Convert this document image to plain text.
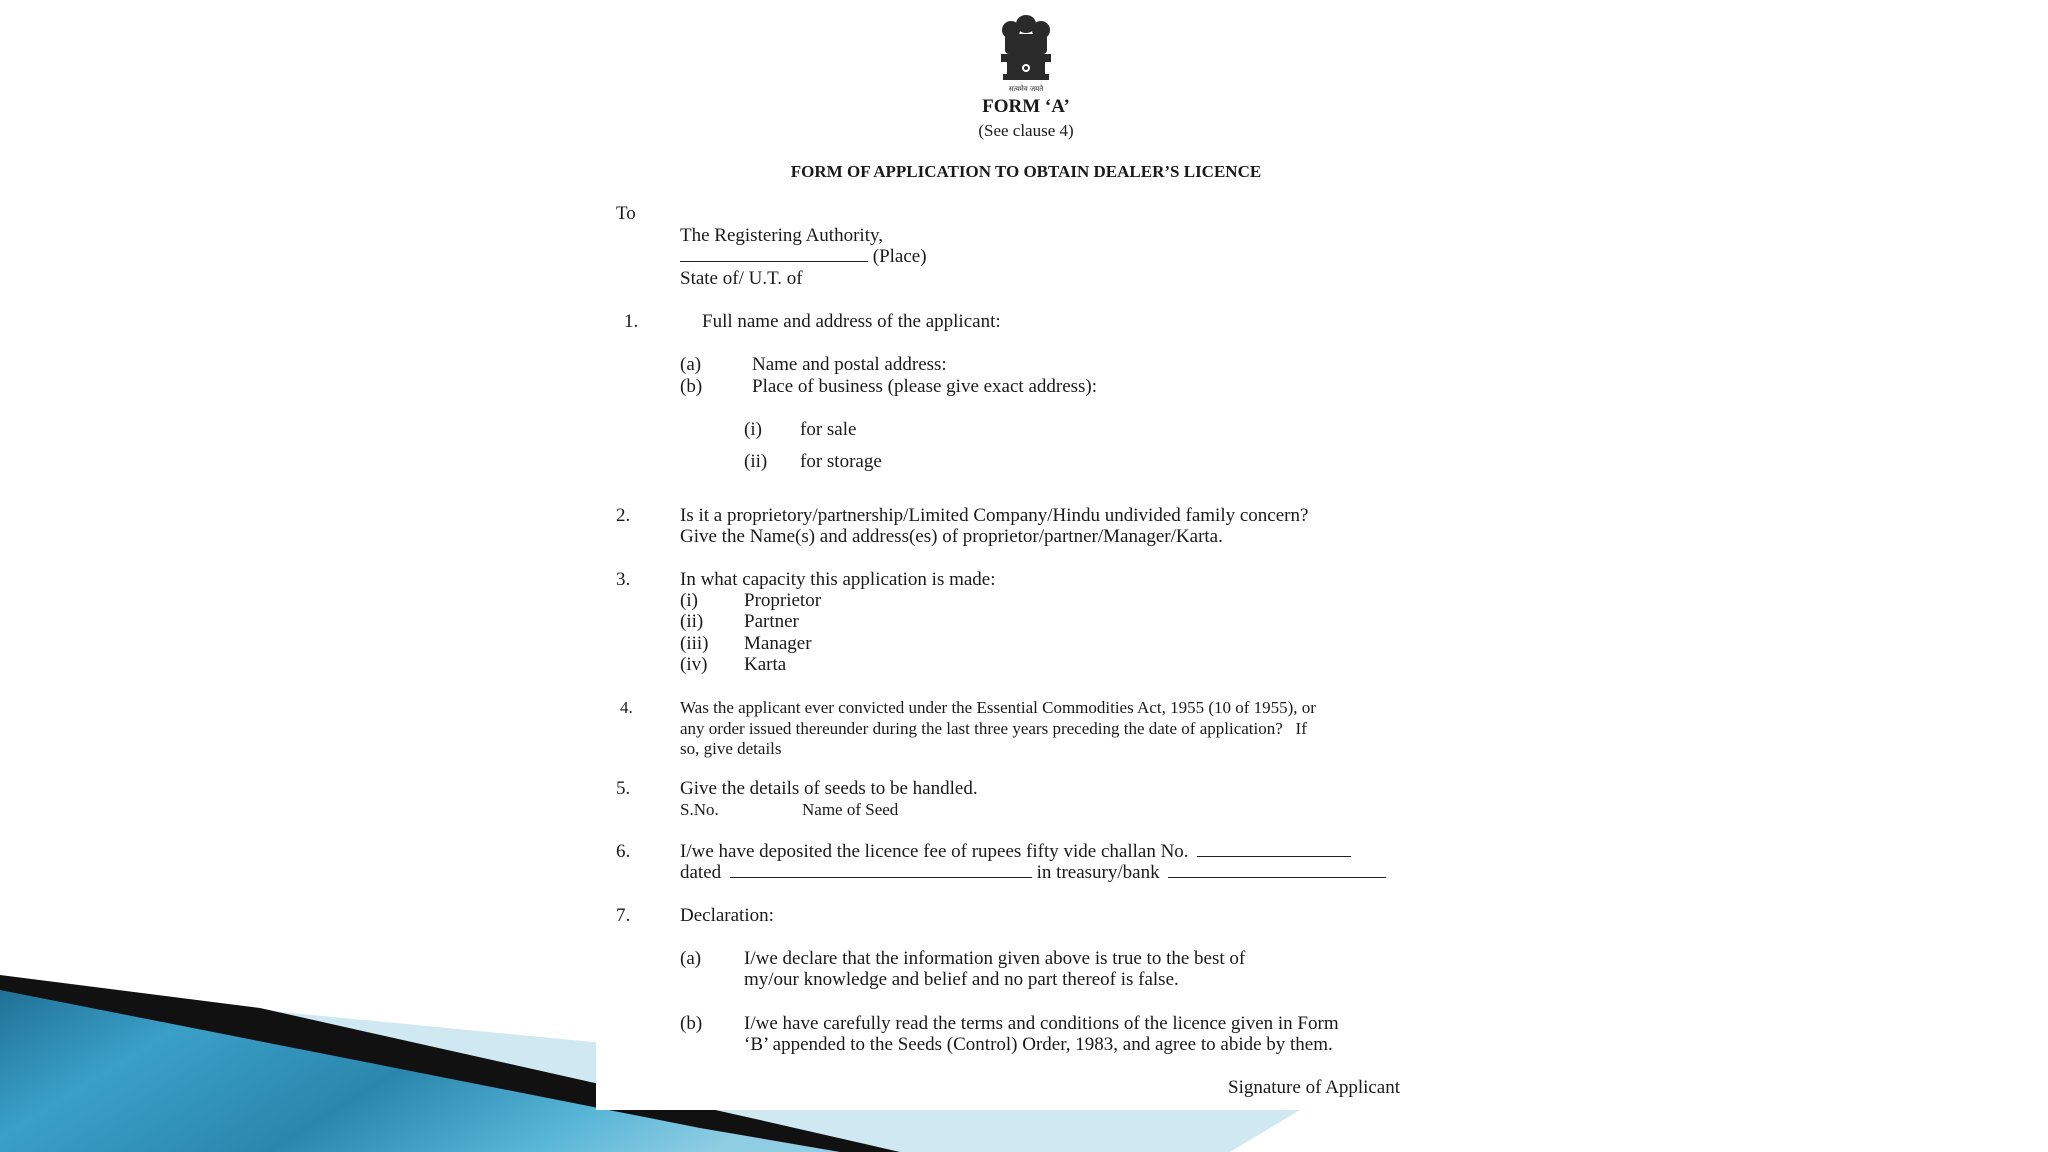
सत्यमेव जयते
FORM ‘A’
(See clause 4)
FORM OF APPLICATION TO OBTAIN DEALER’S LICENCE
To
The Registering Authority,
(Place)
State of/ U.T. of
1.	Full name and address of the applicant:
(a)	Name and postal address:
(b)	Place of business (please give exact address):
(i) for sale
(ii) for storage
2.	Is it a proprietory/partnership/Limited Company/Hindu undivided family concern?
Give the Name(s) and address(es) of proprietor/partner/Manager/Karta.
3.	In what capacity this application is made:
(i) Proprietor
(ii) Partner
(iii) Manager
(iv) Karta
4.	Was the applicant ever convicted under the Essential Commodities Act, 1955 (10 of 1955), or
any order issued thereunder during the last three years preceding the date of application?   If
so, give details
5.	Give the details of seeds to be handled.
S.No.	Name of Seed
6.	I/we have deposited the licence fee of rupees fifty vide challan No.
dated	in treasury/bank
7.	Declaration:
(a) I/we declare that the information given above is true to the best of
my/our knowledge and belief and no part thereof is false.
(b) I/we have carefully read the terms and conditions of the licence given in Form
‘B’ appended to the Seeds (Control) Order, 1983, and agree to abide by them.
Signature of Applicant
